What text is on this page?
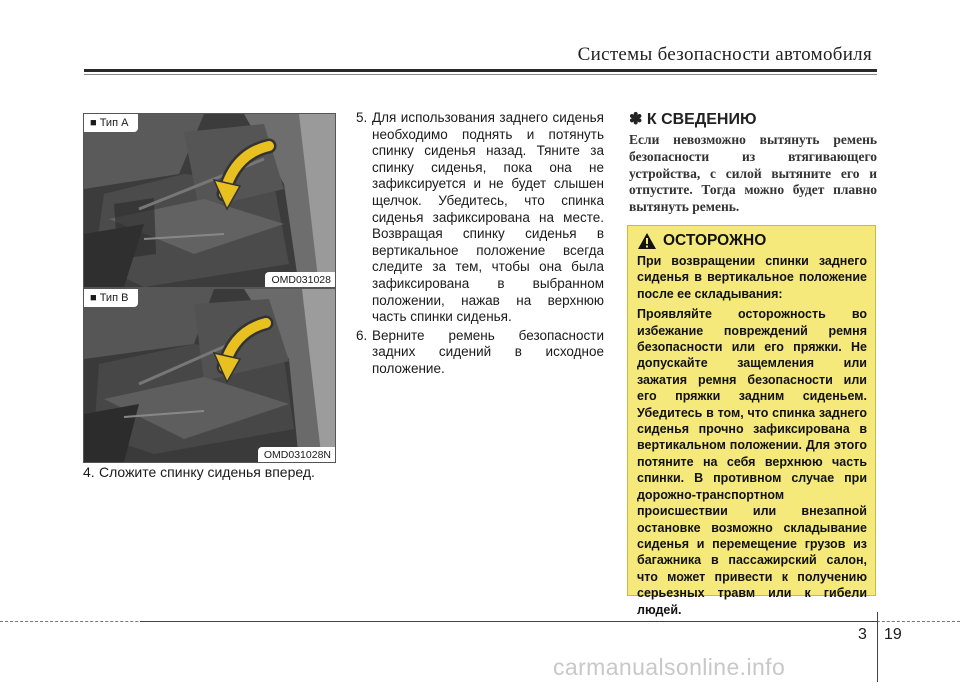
Системы безопасности автомобиля
■ Тип A
OMD031028
■ Тип B
OMD031028N
4. Сложите спинку сиденья вперед.
5. Для использования заднего сиденья необходимо поднять и потянуть спинку сиденья назад. Тяните за спинку сиденья, пока она не зафиксируется и не будет слышен щелчок. Убедитесь, что спинка сиденья зафиксирована на месте. Возвращая спинку сиденья в вертикальное положение всегда следите за тем, чтобы она была зафиксирована в выбранном положении, нажав на верхнюю часть спинки сиденья.
6. Верните ремень безопасности задних сидений в исходное положение.
✽ К СВЕДЕНИЮ
Если невозможно вытянуть ремень безопасности из втягивающего устройства, с силой вытяните его и отпустите. Тогда можно будет плавно вытянуть ремень.
ОСТОРОЖНО

При возвращении спинки заднего сиденья в вертикальное положение после ее складывания:

Проявляйте осторожность во избежание повреждений ремня безопасности или его пряжки. Не допускайте защемления или зажатия ремня безопасности или его пряжки задним сиденьем. Убедитесь в том, что спинка заднего сиденья прочно зафиксирована в вертикальном положении. Для этого потяните на себя верхнюю часть спинки. В противном случае при дорожно-транспортном происшествии или внезапной остановке возможно складывание сиденья и перемещение грузов из багажника в пассажирский салон, что может привести к получению серьезных травм или к гибели людей.

3 19
carmanualsonline.info
